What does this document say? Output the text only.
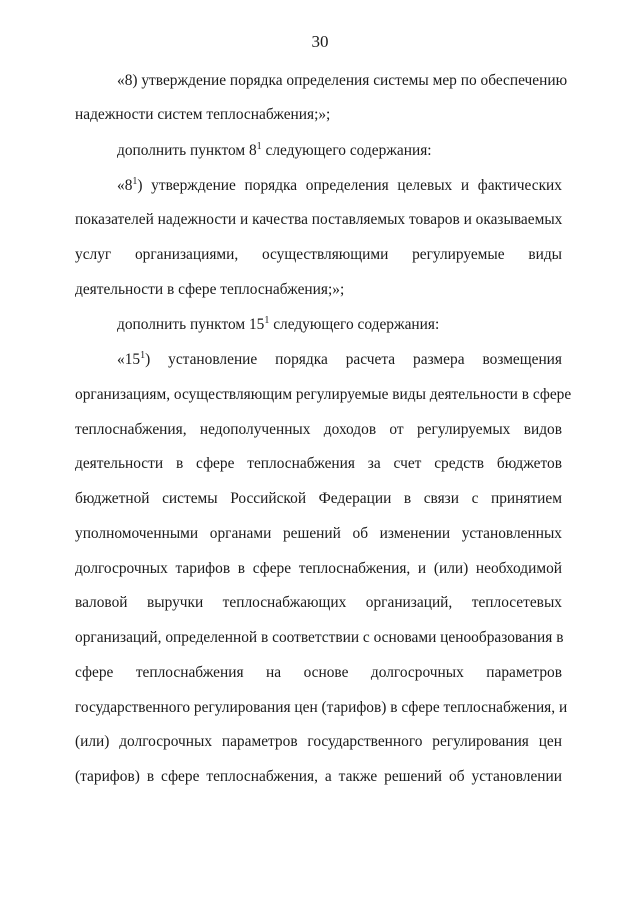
30
«8) утверждение порядка определения системы мер по обеспечению
надежности систем теплоснабжения;»;
дополнить пунктом $8^1$ следующего содержания:
«$8^1$) утверждение порядка определения целевых и фактических
показателей надежности и качества поставляемых товаров и оказываемых
услуг организациями, осуществляющими регулируемые виды
деятельности в сфере теплоснабжения;»;
дополнить пунктом $15^1$ следующего содержания:
«$15^1$) установление порядка расчета размера возмещения
организациям, осуществляющим регулируемые виды деятельности в сфере
теплоснабжения, недополученных доходов от регулируемых видов
деятельности в сфере теплоснабжения за счет средств бюджетов
бюджетной системы Российской Федерации в связи с принятием
уполномоченными органами решений об изменении установленных
долгосрочных тарифов в сфере теплоснабжения, и (или) необходимой
валовой выручки теплоснабжающих организаций, теплосетевых
организаций, определенной в соответствии с основами ценообразования в
сфере теплоснабжения на основе долгосрочных параметров
государственного регулирования цен (тарифов) в сфере теплоснабжения, и
(или) долгосрочных параметров государственного регулирования цен
(тарифов) в сфере теплоснабжения, а также решений об установлении
